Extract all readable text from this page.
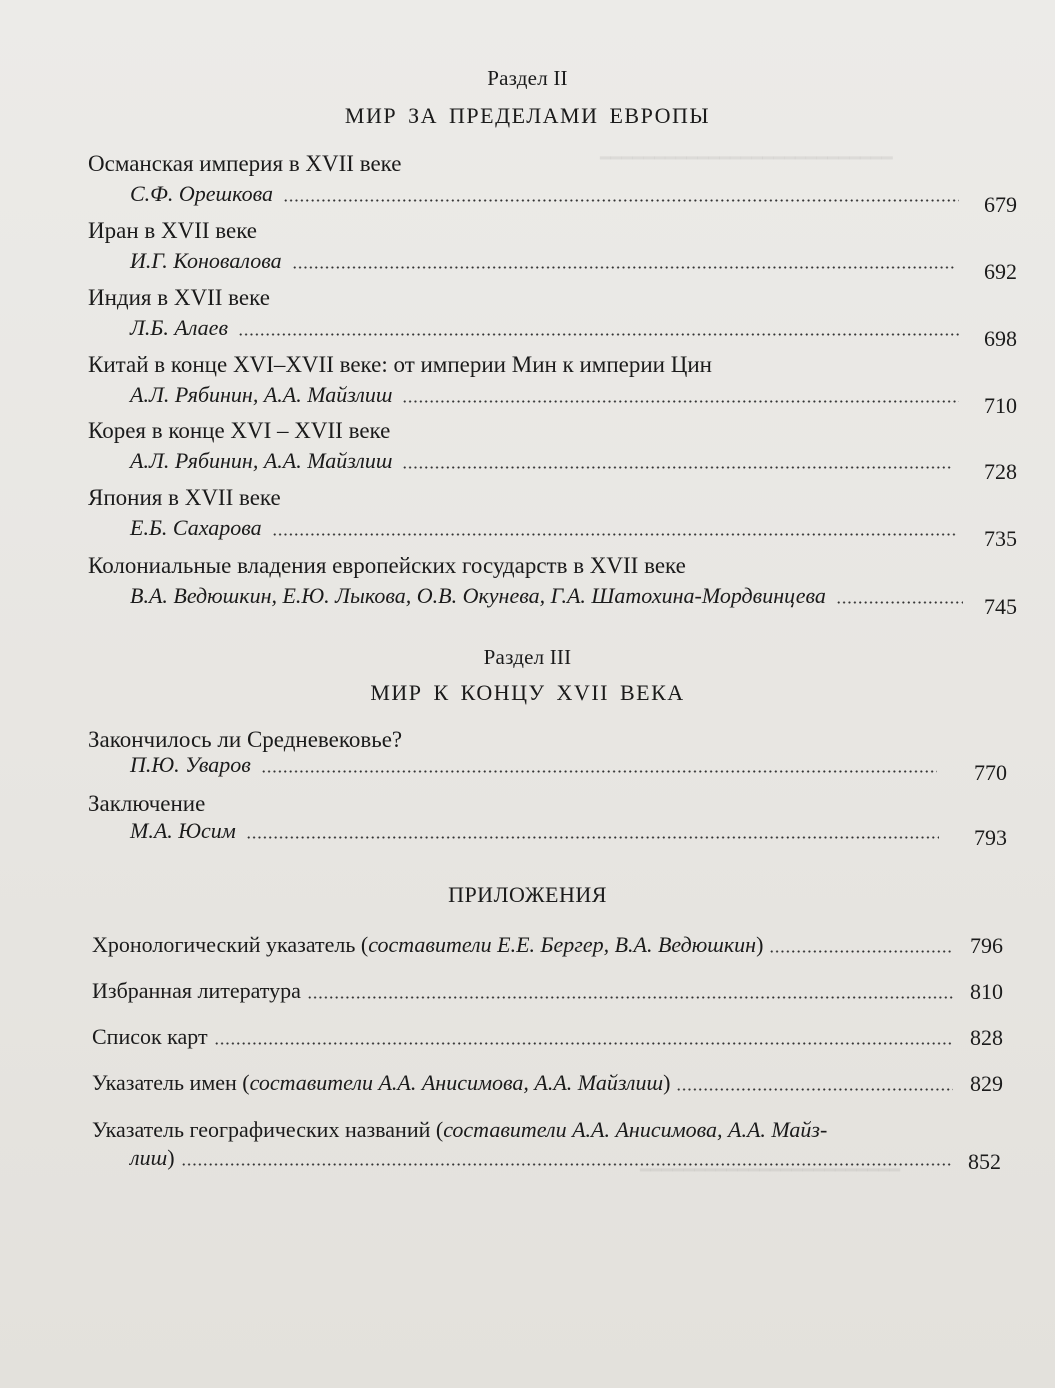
━━━━━━━━━━━━━━━━━━━━━━━━━━━
━━━━━━━━━━━━━━━━━━━━━━━━
Раздел II
МИР ЗА ПРЕДЕЛАМИ ЕВРОПЫ
Османская империя в XVII веке
С.Ф. Орешкова	679
Иран в XVII веке
И.Г. Коновалова	692
Индия в XVII веке
Л.Б. Алаев	698
Китай в конце XVI–XVII веке: от империи Мин к империи Цин
А.Л. Рябинин, А.А. Майзлиш	710
Корея в конце XVI – XVII веке
А.Л. Рябинин, А.А. Майзлиш	728
Япония в XVII веке
Е.Б. Сахарова	735
Колониальные владения европейских государств в XVII веке
В.А. Ведюшкин, Е.Ю. Лыкова, О.В. Окунева, Г.А. Шатохина-Мордвинцева	745
Раздел III
МИР К КОНЦУ XVII ВЕКА
Закончилось ли Средневековье?
П.Ю. Уваров	770
Заключение
М.А. Юсим	793
ПРИЛОЖЕНИЯ
Хронологический указатель (составители Е.Е. Бергер, В.А. Ведюшкин)	796
Избранная литература	810
Список карт	828
Указатель имен (составители А.А. Анисимова, А.А. Майзлиш)	829
Указатель географических названий (составители А.А. Анисимова, А.А. Майз-
лиш)	852
